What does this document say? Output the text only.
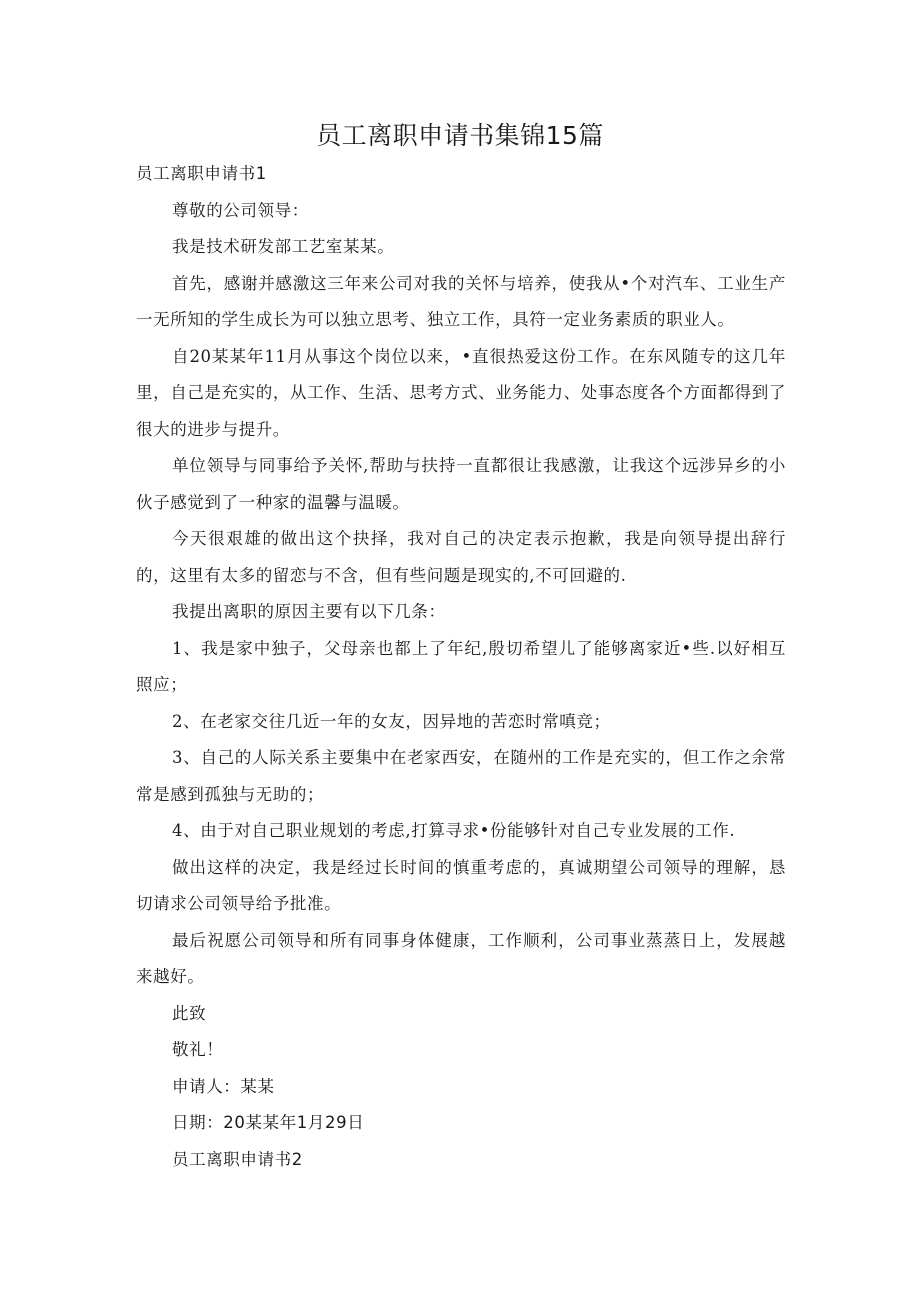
员工离职申请书集锦15篇

员工离职申请书1

尊敬的公司领导：

我是技术研发部工艺室某某。

首先，感谢并感激这三年来公司对我的关怀与培养，使我从•个对汽车、工业生产一无所知的学生成长为可以独立思考、独立工作，具符一定业务素质的职业人。

自20某某年11月从事这个岗位以来，•直很热爱这份工作。在东风随专的这几年里，自己是充实的，从工作、生活、思考方式、业务能力、处事态度各个方面都得到了很大的进步与提升。

单位领导与同事给予关怀,帮助与扶持一直都很让我感激，让我这个远涉异乡的小伙子感觉到了一种家的温馨与温暖。

今天很艰雄的做出这个抉择，我对自己的决定表示抱歉，我是向领导提出辞行的，这里有太多的留恋与不含，但有些问题是现实的,不可回避的.

我提出离职的原因主要有以下几条：

1、我是家中独子，父母亲也都上了年纪,殷切希望儿了能够离家近•些.以好相互照应；

2、在老家交往几近一年的女友，因异地的苦恋时常嗔竞；

3、自己的人际关系主要集中在老家西安，在随州的工作是充实的，但工作之余常常是感到孤独与无助的；

4、由于对自己职业规划的考虑,打算寻求•份能够针对自己专业发展的工作.

做出这样的决定，我是经过长时间的慎重考虑的，真诚期望公司领导的理解，恳切请求公司领导给予批准。

最后祝愿公司领导和所有同事身体健康，工作顺利，公司事业蒸蒸日上，发展越来越好。

此致

敬礼！

申请人：某某

日期：20某某年1月29日

员工离职申请书2
